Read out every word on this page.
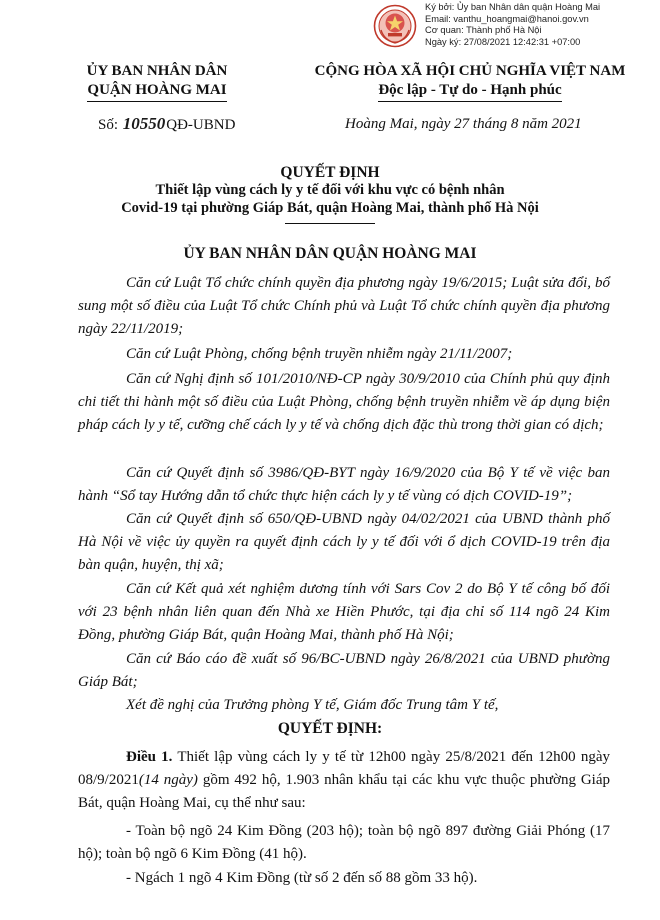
Ký bởi: Ủy ban Nhân dân quận Hoàng Mai
Email: vanthu_hoangmai@hanoi.gov.vn
Cơ quan: Thành phố Hà Nội
Ngày ký: 27/08/2021 12:42:31 +07:00
ỦY BAN NHÂN DÂN
QUẬN HOÀNG MAI
CỘNG HÒA XÃ HỘI CHỦ NGHĨA VIỆT NAM
Độc lập - Tự do - Hạnh phúc
Số: 10550QĐ-UBND	Hoàng Mai, ngày 27 tháng 8 năm 2021
QUYẾT ĐỊNH
Thiết lập vùng cách ly y tế đối với khu vực có bệnh nhân
Covid-19 tại phường Giáp Bát, quận Hoàng Mai, thành phố Hà Nội
ỦY BAN NHÂN DÂN QUẬN HOÀNG MAI
Căn cứ Luật Tổ chức chính quyền địa phương ngày 19/6/2015; Luật sửa đổi, bổ sung một số điều của Luật Tổ chức Chính phủ và Luật Tổ chức chính quyền địa phương ngày 22/11/2019;
Căn cứ Luật Phòng, chống bệnh truyền nhiễm ngày 21/11/2007;
Căn cứ Nghị định số 101/2010/NĐ-CP ngày 30/9/2010 của Chính phủ quy định chi tiết thi hành một số điều của Luật Phòng, chống bệnh truyền nhiễm về áp dụng biện pháp cách ly y tế, cưỡng chế cách ly y tế và chống dịch đặc thù trong thời gian có dịch;
Căn cứ Quyết định số 3986/QĐ-BYT ngày 16/9/2020 của Bộ Y tế về việc ban hành “Sổ tay Hướng dẫn tổ chức thực hiện cách ly y tế vùng có dịch COVID-19”;
Căn cứ Quyết định số 650/QĐ-UBND ngày 04/02/2021 của UBND thành phố Hà Nội về việc ủy quyền ra quyết định cách ly y tế đối với ổ dịch COVID-19 trên địa bàn quận, huyện, thị xã;
Căn cứ Kết quả xét nghiệm dương tính với Sars Cov 2 do Bộ Y tế công bố đối với 23 bệnh nhân liên quan đến Nhà xe Hiền Phước, tại địa chỉ số 114 ngõ 24 Kim Đồng, phường Giáp Bát, quận Hoàng Mai, thành phố Hà Nội;
Căn cứ Báo cáo đề xuất số 96/BC-UBND ngày 26/8/2021 của UBND phường Giáp Bát;
Xét đề nghị của Trưởng phòng Y tế, Giám đốc Trung tâm Y tế,
QUYẾT ĐỊNH:
Điều 1. Thiết lập vùng cách ly y tế từ 12h00 ngày 25/8/2021 đến 12h00 ngày 08/9/2021(14 ngày) gồm 492 hộ, 1.903 nhân khẩu tại các khu vực thuộc phường Giáp Bát, quận Hoàng Mai, cụ thể như sau:
- Toàn bộ ngõ 24 Kim Đồng (203 hộ); toàn bộ ngõ 897 đường Giải Phóng (17 hộ); toàn bộ ngõ 6 Kim Đồng (41 hộ).
- Ngách 1 ngõ 4 Kim Đồng (từ số 2 đến số 88 gồm 33 hộ).
